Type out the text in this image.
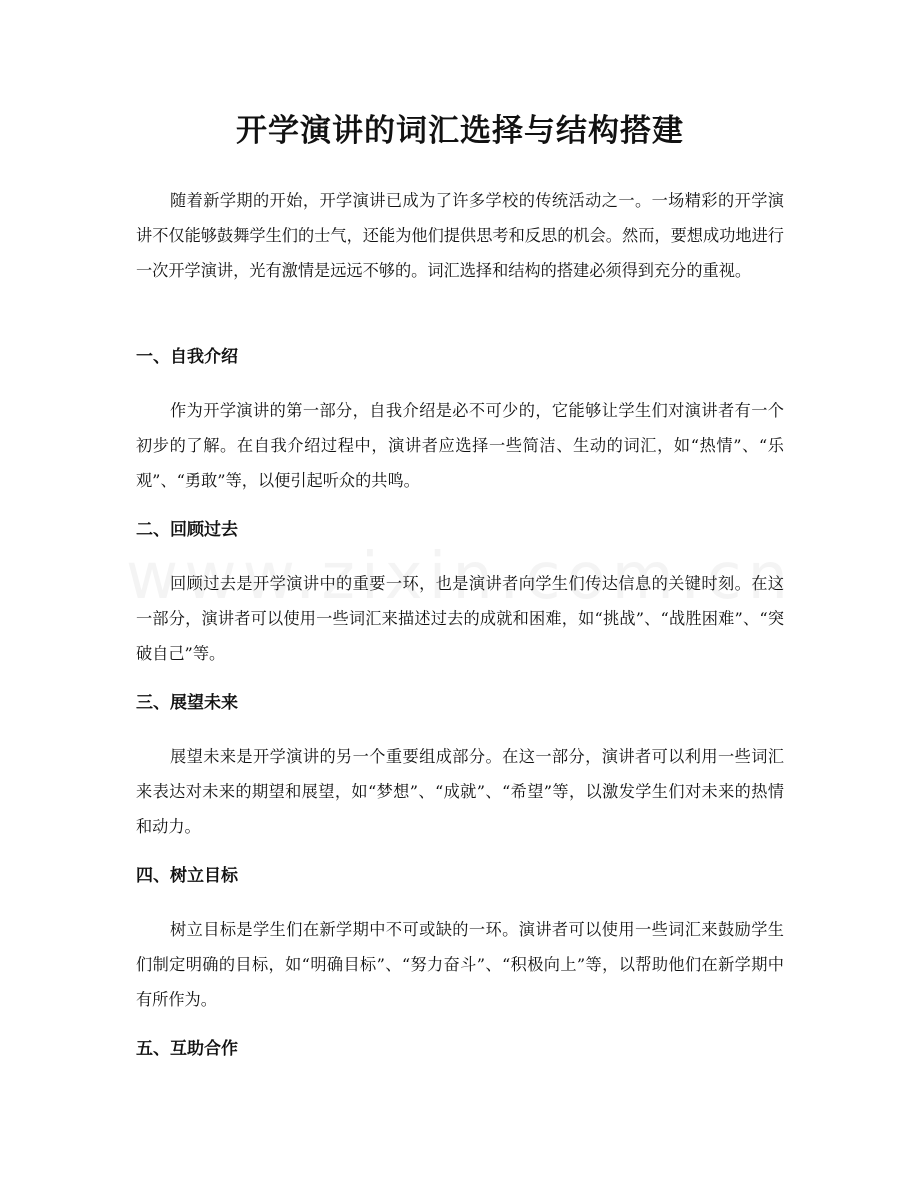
开学演讲的词汇选择与结构搭建

随着新学期的开始，开学演讲已成为了许多学校的传统活动之一。一场精彩的开学演讲不仅能够鼓舞学生们的士气，还能为他们提供思考和反思的机会。然而，要想成功地进行一次开学演讲，光有激情是远远不够的。词汇选择和结构的搭建必须得到充分的重视。

一、自我介绍

作为开学演讲的第一部分，自我介绍是必不可少的，它能够让学生们对演讲者有一个初步的了解。在自我介绍过程中，演讲者应选择一些简洁、生动的词汇，如“热情”、“乐观”、“勇敢”等，以便引起听众的共鸣。

二、回顾过去

回顾过去是开学演讲中的重要一环，也是演讲者向学生们传达信息的关键时刻。在这一部分，演讲者可以使用一些词汇来描述过去的成就和困难，如“挑战”、“战胜困难”、“突破自己”等。

三、展望未来

展望未来是开学演讲的另一个重要组成部分。在这一部分，演讲者可以利用一些词汇来表达对未来的期望和展望，如“梦想”、“成就”、“希望”等，以激发学生们对未来的热情和动力。

四、树立目标

树立目标是学生们在新学期中不可或缺的一环。演讲者可以使用一些词汇来鼓励学生们制定明确的目标，如“明确目标”、“努力奋斗”、“积极向上”等，以帮助他们在新学期中有所作为。

五、互助合作
